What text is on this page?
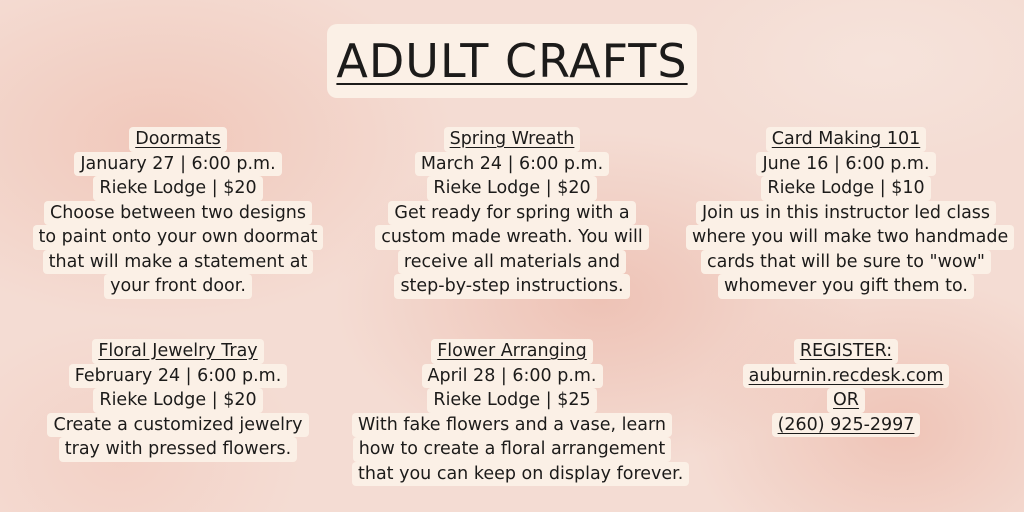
ADULT CRAFTS
Doormats
January 27 | 6:00 p.m.
Rieke Lodge | $20
Choose between two designs
to paint onto your own doormat
that will make a statement at
your front door.
Spring Wreath
March 24 | 6:00 p.m.
Rieke Lodge | $20
Get ready for spring with a
custom made wreath. You will
receive all materials and
step-by-step instructions.
Card Making 101
June 16 | 6:00 p.m.
Rieke Lodge | $10
Join us in this instructor led class
where you will make two handmade
cards that will be sure to "wow"
whomever you gift them to.
Floral Jewelry Tray
February 24 | 6:00 p.m.
Rieke Lodge | $20
Create a customized jewelry
tray with pressed flowers.
Flower Arranging
April 28 | 6:00 p.m.
Rieke Lodge | $25
With fake flowers and a vase, learn
how to create a floral arrangement
that you can keep on display forever.
REGISTER:
auburnin.recdesk.com
OR
(260) 925-2997
